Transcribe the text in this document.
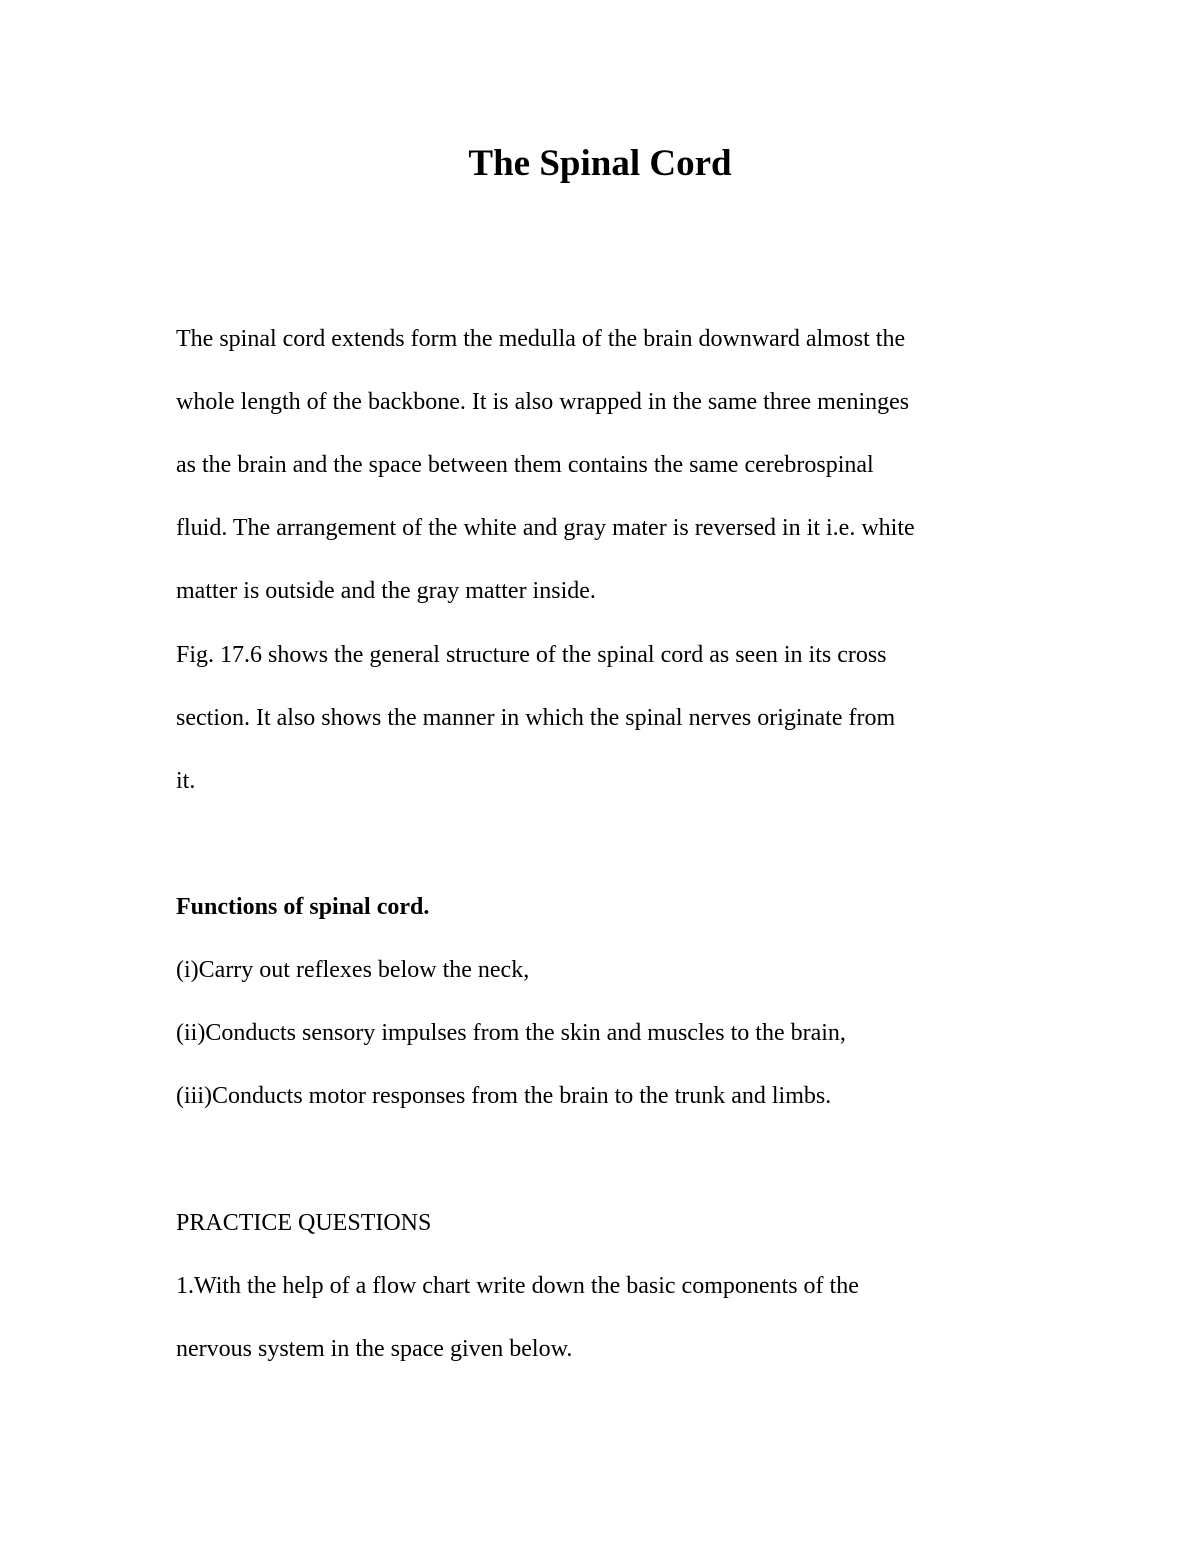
The Spinal Cord

The spinal cord extends form the medulla of the brain downward almost the

whole length of the backbone. It is also wrapped in the same three meninges

as the brain and the space between them contains the same cerebrospinal

fluid. The arrangement of the white and gray mater is reversed in it i.e. white

matter is outside and the gray matter inside.

Fig. 17.6 shows the general structure of the spinal cord as seen in its cross

section. It also shows the manner in which the spinal nerves originate from

it.

Functions of spinal cord.

(i)Carry out reflexes below the neck,

(ii)Conducts sensory impulses from the skin and muscles to the brain,

(iii)Conducts motor responses from the brain to the trunk and limbs.

PRACTICE QUESTIONS

1.With the help of a flow chart write down the basic components of the

nervous system in the space given below.
